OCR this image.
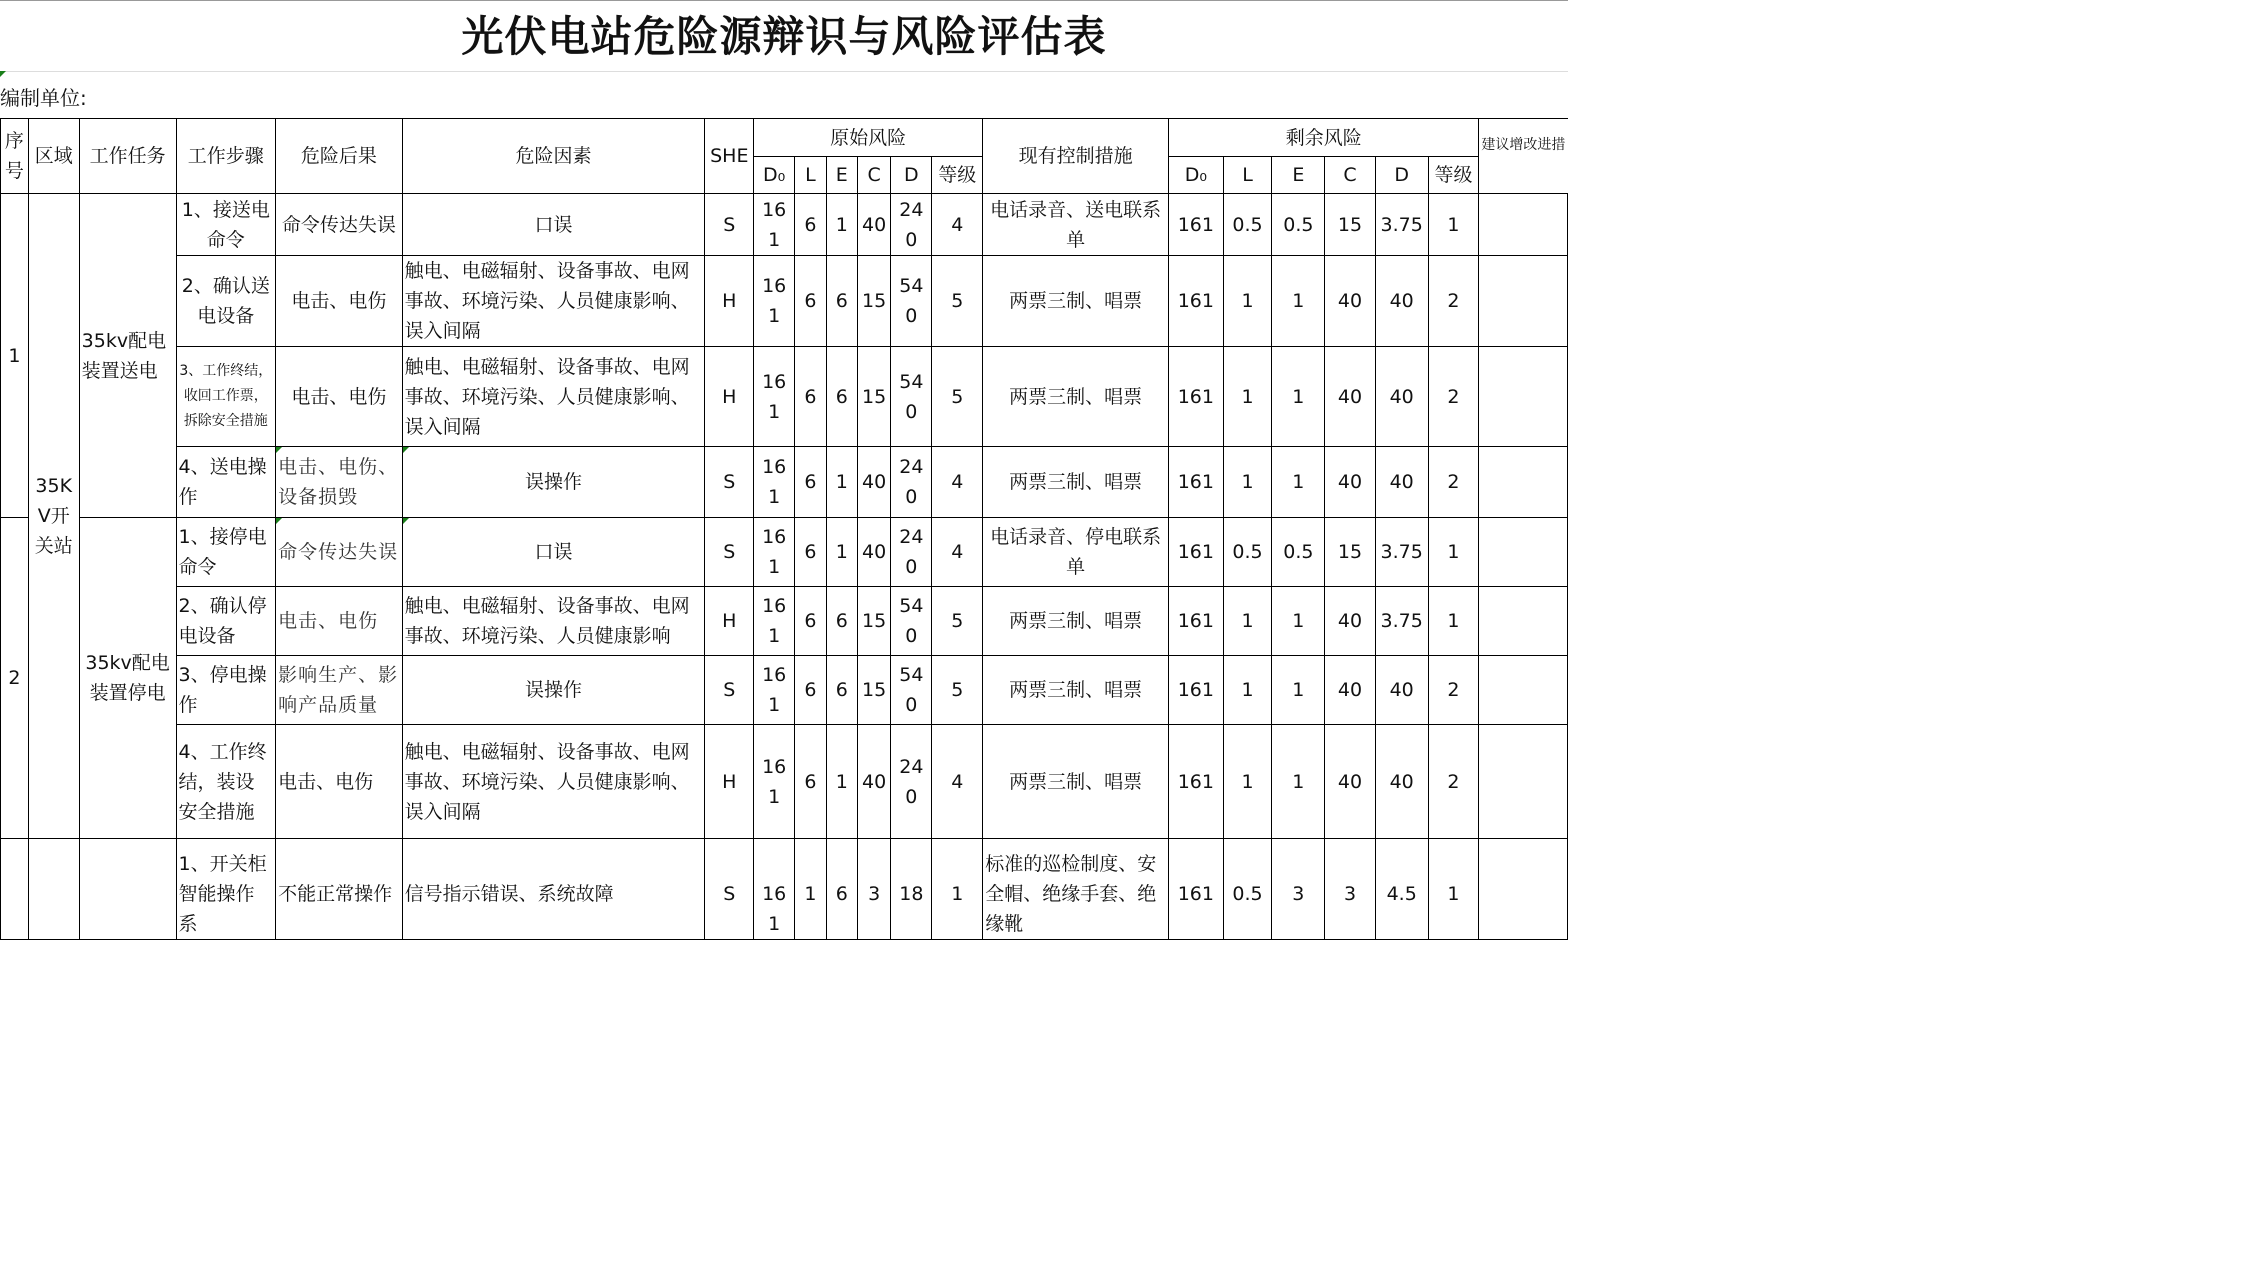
光伏电站危险源辩识与风险评估表
编制单位:
序号	区域	工作任务	工作步骤	危险后果	危险因素	SHE	原始风险						现有控制措施	剩余风险						建议增改进措
							D₀	L	E	C	D	等级		D₀	L	E	C	D	等级	
1	35KV开关站	35kv配电装置送电	1、接送电命令	命令传达失误	口误	S	161	6	1	40	240	4	电话录音、送电联系单	161	0.5	0.5	15	3.75	1	
			2、确认送电设备	电击、电伤	触电、电磁辐射、设备事故、电网事故、环境污染、人员健康影响、误入间隔	H	161	6	6	15	540	5	两票三制、唱票	161	1	1	40	40	2	
			3、工作终结，收回工作票，拆除安全措施	电击、电伤	触电、电磁辐射、设备事故、电网事故、环境污染、人员健康影响、误入间隔	H	161	6	6	15	540	5	两票三制、唱票	161	1	1	40	40	2	
			4、送电操作	电击、电伤、设备损毁	误操作	S	161	6	1	40	240	4	两票三制、唱票	161	1	1	40	40	2	
2		35kv配电装置停电	1、接停电命令	命令传达失误	口误	S	161	6	1	40	240	4	电话录音、停电联系单	161	0.5	0.5	15	3.75	1	
			2、确认停电设备	电击、电伤	触电、电磁辐射、设备事故、电网事故、环境污染、人员健康影响	H	161	6	6	15	540	5	两票三制、唱票	161	1	1	40	3.75	1	
			3、停电操作	影响生产、影响产品质量	误操作	S	161	6	6	15	540	5	两票三制、唱票	161	1	1	40	40	2	
			4、工作终结，装设安全措施	电击、电伤	触电、电磁辐射、设备事故、电网事故、环境污染、人员健康影响、误入间隔	H	161	6	1	40	240	4	两票三制、唱票	161	1	1	40	40	2	
			1、开关柜智能操作系	不能正常操作	信号指示错误、系统故障	S	161	1	6	3	18	1	标准的巡检制度、安全帽、绝缘手套、绝缘靴	161	0.5	3	3	4.5	1	
